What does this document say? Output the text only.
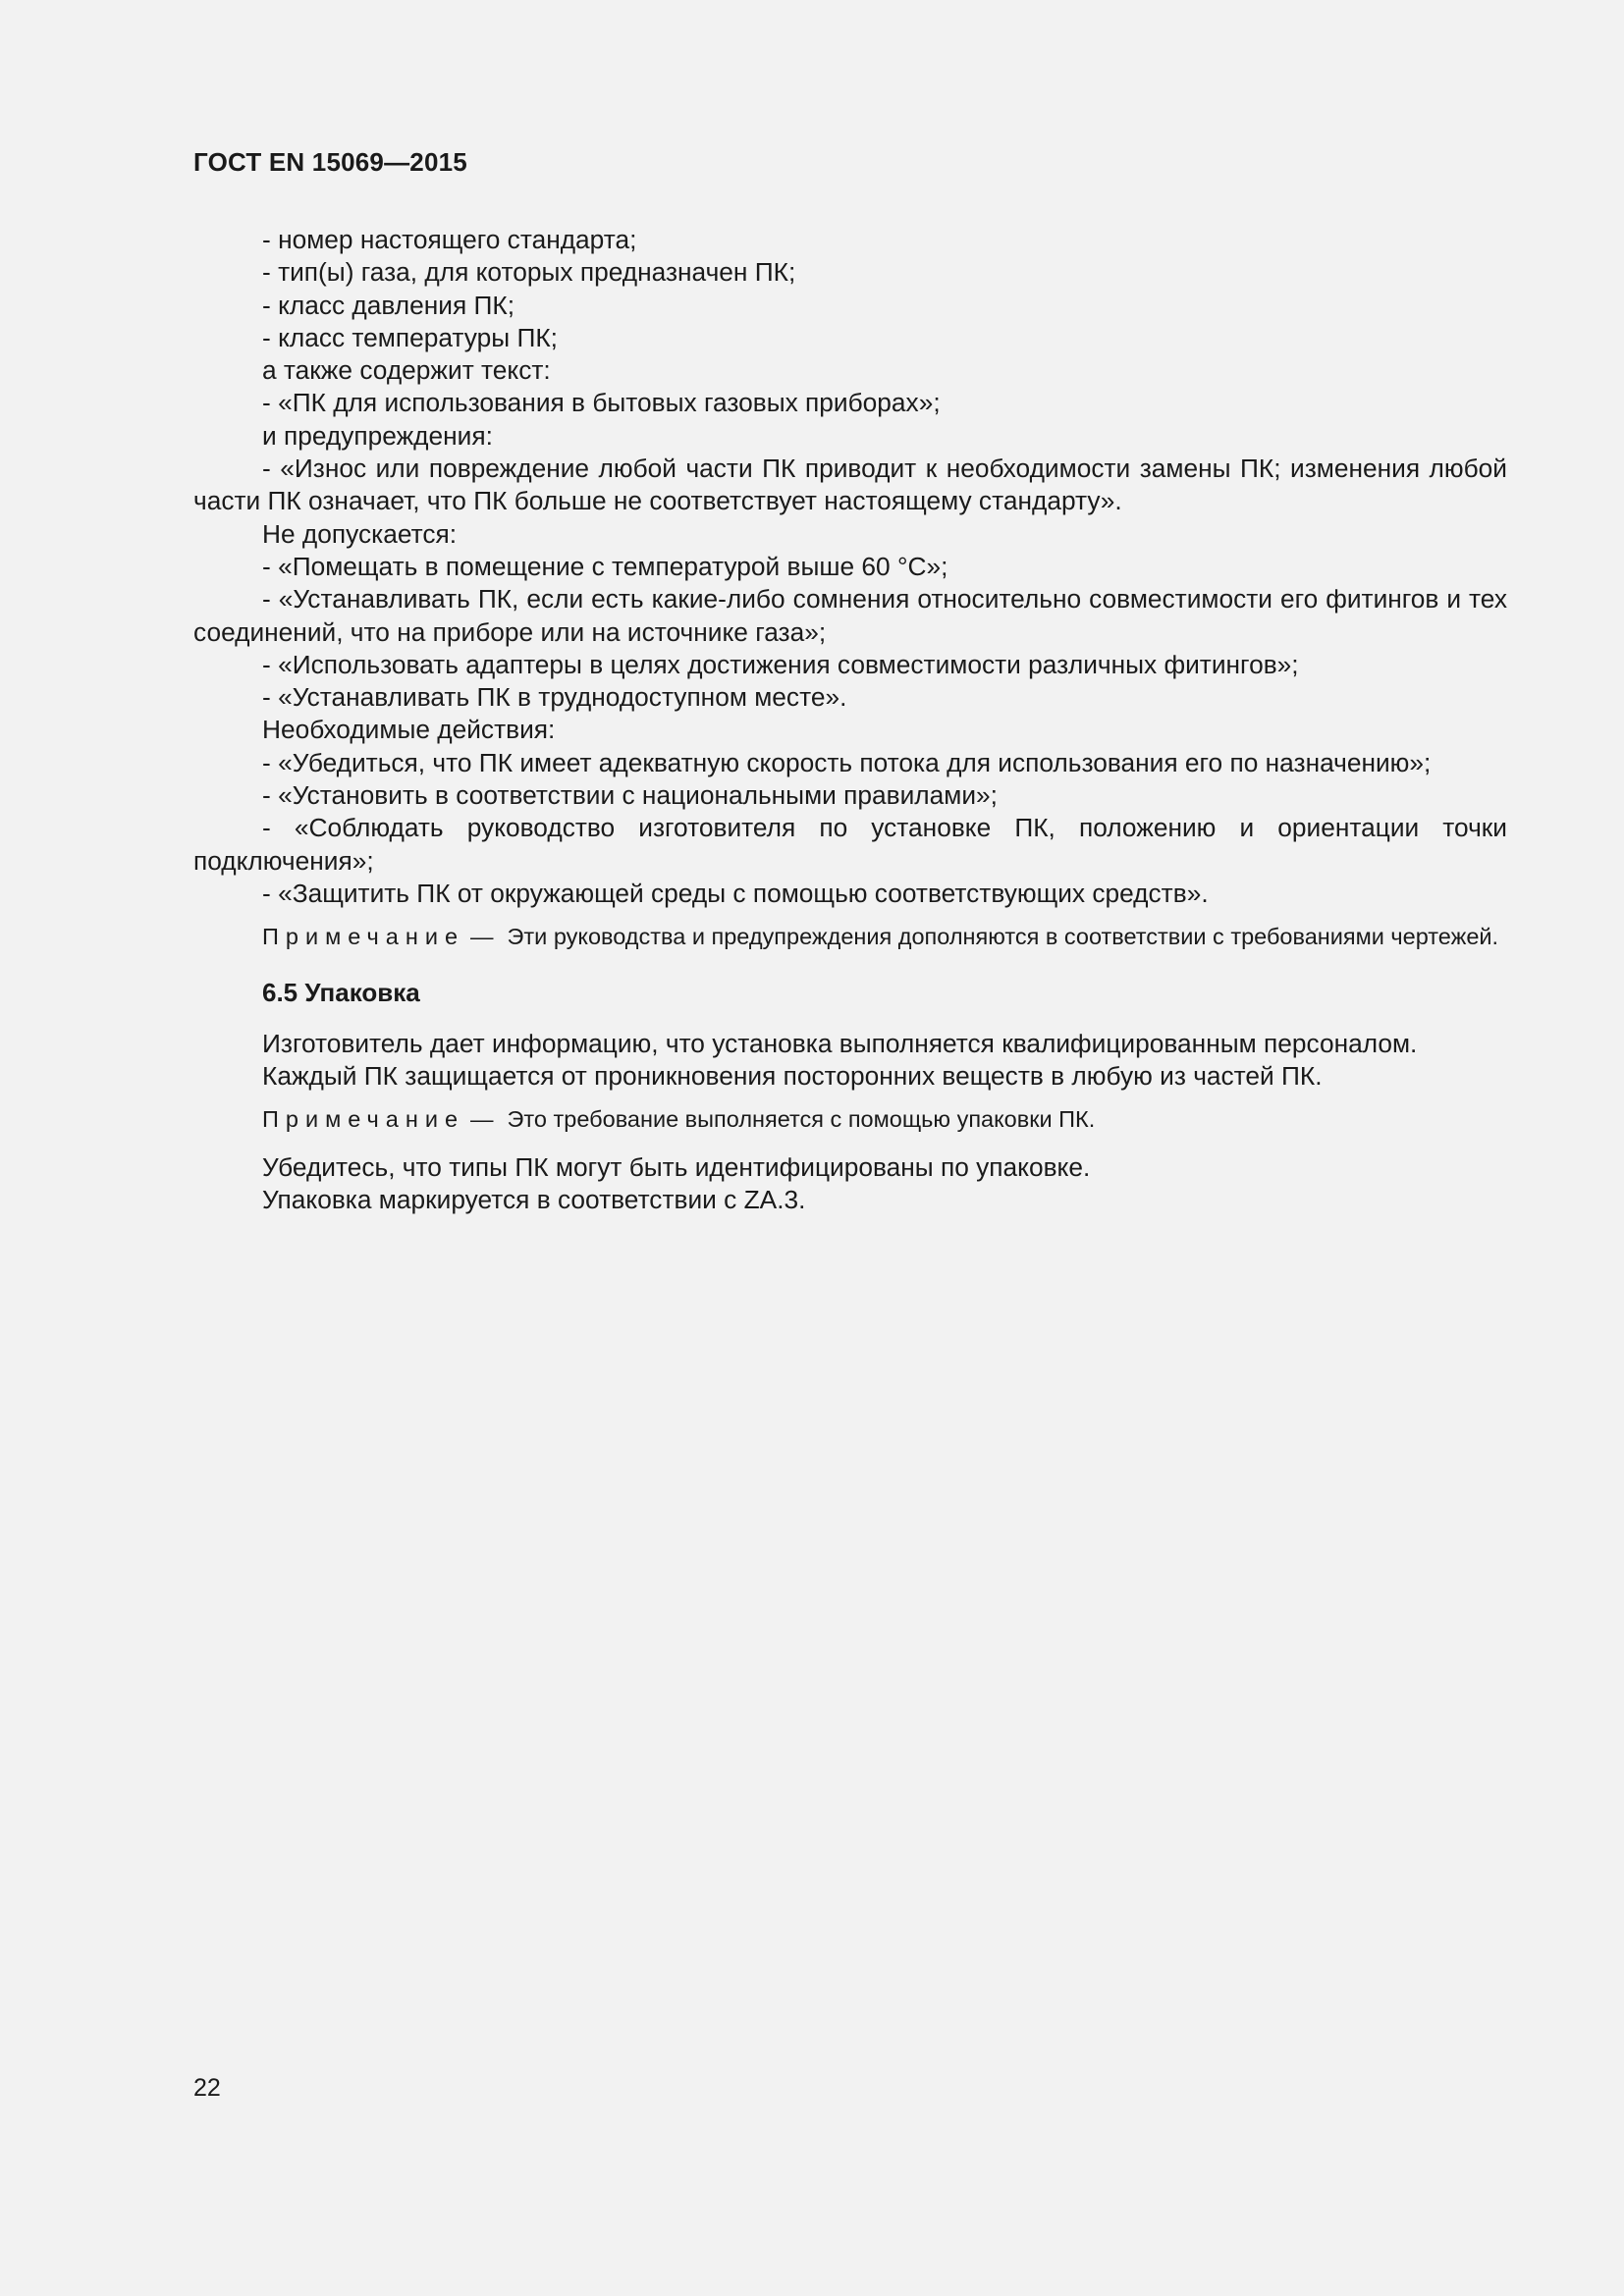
ГОСТ EN 15069—2015

- номер настоящего стандарта;

- тип(ы) газа, для которых предназначен ПК;

- класс давления ПК;

- класс температуры ПК;

а также содержит текст:

- «ПК для использования в бытовых газовых приборах»;

и предупреждения:

- «Износ или повреждение любой части ПК приводит к необходимости замены ПК; изменения любой части ПК означает, что ПК больше не соответствует настоящему стандарту».

Не допускается:

- «Помещать в помещение с температурой выше 60 °С»;

- «Устанавливать ПК, если есть какие-либо сомнения относительно совместимости его фитингов и тех соединений, что на приборе или на источнике газа»;

- «Использовать адаптеры в целях достижения совместимости различных фитингов»;

- «Устанавливать ПК в труднодоступном месте».

Необходимые действия:

- «Убедиться, что ПК имеет адекватную скорость потока для использования его по назначению»;

- «Установить в соответствии с национальными правилами»;

- «Соблюдать руководство изготовителя по установке ПК, положению и ориентации точки подключения»;

- «Защитить ПК от окружающей среды с помощью соответствующих средств».

Примечание — Эти руководства и предупреждения дополняются в соответствии с требованиями чертежей.

6.5 Упаковка

Изготовитель дает информацию, что установка выполняется квалифицированным персоналом.

Каждый ПК защищается от проникновения посторонних веществ в любую из частей ПК.

Примечание — Это требование выполняется с помощью упаковки ПК.

Убедитесь, что типы ПК могут быть идентифицированы по упаковке.

Упаковка маркируется в соответствии с ZA.3.

22
